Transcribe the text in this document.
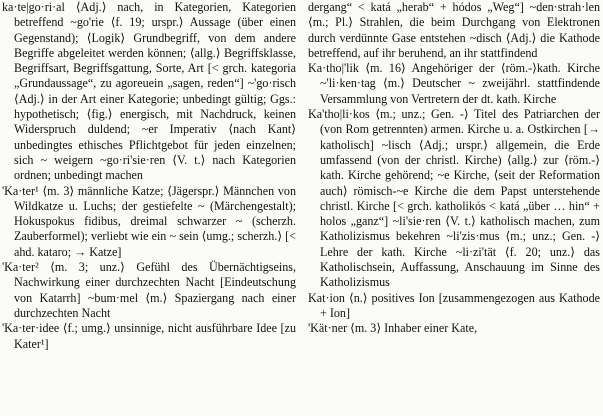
ka·te|go·ri·al ⟨Adj.⟩ nach, in Kategorien, Kategorien betreffend ~go'rie ⟨f. 19; urspr.⟩ Aussage (über einen Gegenstand); ⟨Logik⟩ Grundbegriff, von dem andere Begriffe abgeleitet werden können; ⟨allg.⟩ Begriffsklasse, Begriffsart, Begriffsgattung, Sorte, Art [< grch. kategoria „Grundaussage“, zu agoreuein „sagen, reden“] ~'go·risch ⟨Adj.⟩ in der Art einer Kategorie; unbedingt gültig; Ggs.: hypothetisch; ⟨fig.⟩ energisch, mit Nachdruck, keinen Widerspruch duldend; ~er Imperativ ⟨nach Kant⟩ unbedingtes ethisches Pflichtgebot für jeden einzelnen; sich ~ weigern ~go·ri'sie·ren ⟨V. t.⟩ nach Kategorien ordnen; unbedingt machen

'Ka·ter¹ ⟨m. 3⟩ männliche Katze; ⟨Jägerspr.⟩ Männchen von Wildkatze u. Luchs; der gestiefelte ~ (Märchengestalt); Hokuspokus fidibus, dreimal schwarzer ~ (scherzh. Zauberformel); verliebt wie ein ~ sein ⟨umg.; scherzh.⟩ [< ahd. kataro; → Katze]

'Ka·ter² ⟨m. 3; unz.⟩ Gefühl des Übernächtigseins, Nachwirkung einer durchzechten Nacht [Eindeutschung von Katarrh] ~bum·mel ⟨m.⟩ Spaziergang nach einer durchzechten Nacht

'Ka·ter·idee ⟨f.; umg.⟩ unsinnige, nicht ausführbare Idee [zu Kater¹]

dergang“ < katá „herab“ + hódos „Weg“] ~den·strah·len ⟨m.; Pl.⟩ Strahlen, die beim Durchgang von Elektronen durch verdünnte Gase entstehen ~disch ⟨Adj.⟩ die Kathode betreffend, auf ihr beruhend, an ihr stattfindend

Ka·tho|'lik ⟨m. 16⟩ Angehöriger der ⟨röm.-⟩kath. Kirche ~'li·ken·tag ⟨m.⟩ Deutscher ~ zweijährl. stattfindende Versammlung von Vertretern der dt. kath. Kirche

Ka'tho|li·kos ⟨m.; unz.; Gen. -⟩ Titel des Patriarchen der (von Rom getrennten) armen. Kirche u. a. Ostkirchen [→ katholisch] ~lisch ⟨Adj.; urspr.⟩ allgemein, die Erde umfassend (von der christl. Kirche) ⟨allg.⟩ zur ⟨röm.-⟩kath. Kirche gehörend; ~e Kirche, ⟨seit der Reformation auch⟩ römisch-~e Kirche die dem Papst unterstehende christl. Kirche [< grch. katholikós < katá „über … hin“ + holos „ganz“] ~li'sie·ren ⟨V. t.⟩ katholisch machen, zum Katholizismus bekehren ~li'zis·mus ⟨m.; unz.; Gen. -⟩ Lehre der kath. Kirche ~li·zi'tät ⟨f. 20; unz.⟩ das Katholischsein, Auffassung, Anschauung im Sinne des Katholizismus

Kat·ion ⟨n.⟩ positives Ion [zusammengezogen aus Kathode + Ion]

'Kät·ner ⟨m. 3⟩ Inhaber einer Kate,
